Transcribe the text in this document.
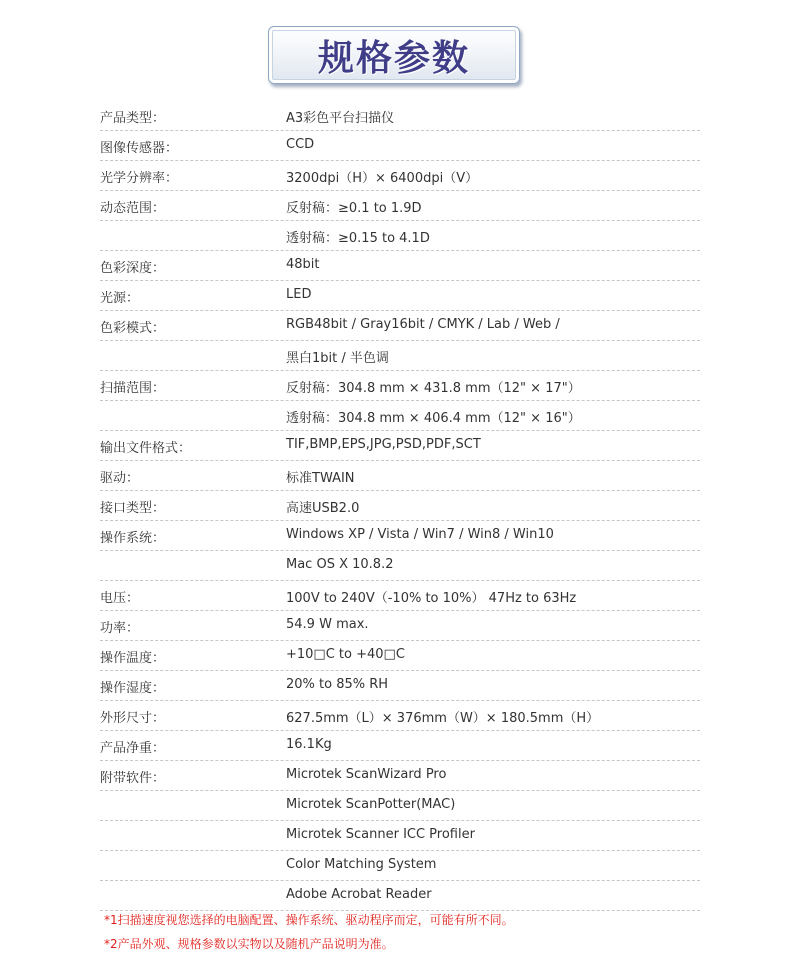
规格参数
产品类型：	A3彩色平台扫描仪
图像传感器：	CCD
光学分辨率：	3200dpi（H）× 6400dpi（V）
动态范围：	反射稿：≥0.1 to 1.9D
透射稿：≥0.15 to 4.1D
色彩深度：	48bit
光源：	LED
色彩模式：	RGB48bit / Gray16bit / CMYK / Lab / Web /
黑白1bit / 半色调
扫描范围：	反射稿：304.8 mm × 431.8 mm（12" × 17"）
透射稿：304.8 mm × 406.4 mm（12" × 16"）
输出文件格式：	TIF,BMP,EPS,JPG,PSD,PDF,SCT
驱动：	标准TWAIN
接口类型：	高速USB2.0
操作系统：	Windows XP / Vista / Win7 / Win8 / Win10
Mac OS X 10.8.2
电压：	100V to 240V（-10% to 10%） 47Hz to 63Hz
功率：	54.9 W max.
操作温度：	+10□C to +40□C
操作湿度：	20% to 85% RH
外形尺寸：	627.5mm（L）× 376mm（W）× 180.5mm（H）
产品净重：	16.1Kg
附带软件：	Microtek ScanWizard Pro
Microtek ScanPotter(MAC)
Microtek Scanner ICC Profiler
Color Matching System
Adobe Acrobat Reader
*1扫描速度视您选择的电脑配置、操作系统、驱动程序而定，可能有所不同。
*2产品外观、规格参数以实物以及随机产品说明为准。
